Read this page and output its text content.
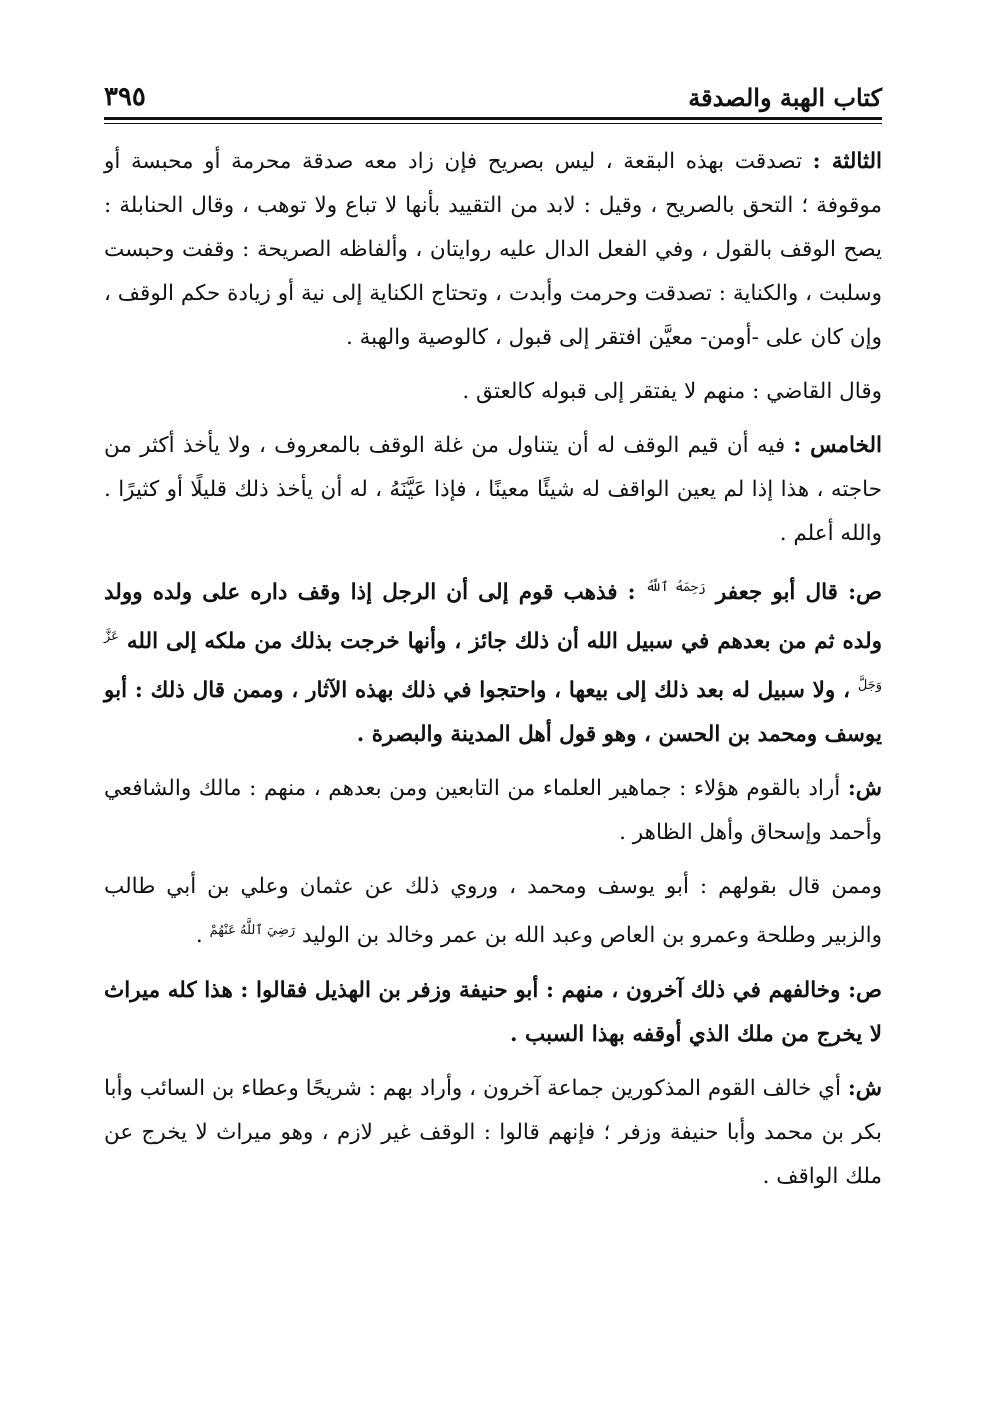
كتاب الهبة والصدقة
٣٩٥

الثالثة : تصدقت بهذه البقعة ، ليس بصريح فإن زاد معه صدقة محرمة أو محبسة أو موقوفة ؛ التحق بالصريح ، وقيل : لابد من التقييد بأنها لا تباع ولا توهب ، وقال الحنابلة : يصح الوقف بالقول ، وفي الفعل الدال عليه روايتان ، وألفاظه الصريحة : وقفت وحبست وسلبت ، والكناية : تصدقت وحرمت وأبدت ، وتحتاج الكناية إلى نية أو زيادة حكم الوقف ، وإن كان على -أومن- معيَّن افتقر إلى قبول ، كالوصية والهبة .

وقال القاضي : منهم لا يفتقر إلى قبوله كالعتق .

الخامس : فيه أن قيم الوقف له أن يتناول من غلة الوقف بالمعروف ، ولا يأخذ أكثر من حاجته ، هذا إذا لم يعين الواقف له شيئًا معينًا ، فإذا عَيَّنَهُ ، له أن يأخذ ذلك قليلًا أو كثيرًا . والله أعلم .

ص: قال أبو جعفر $^{رَحِمَهُ ٱللَّهُ}$ : فذهب قوم إلى أن الرجل إذا وقف داره على ولده وولد ولده ثم من بعدهم في سبيل الله أن ذلك جائز ، وأنها خرجت بذلك من ملكه إلى الله $^{عَزَّ وَجَلَّ}$ ، ولا سبيل له بعد ذلك إلى بيعها ، واحتجوا في ذلك بهذه الآثار ، وممن قال ذلك : أبو يوسف ومحمد بن الحسن ، وهو قول أهل المدينة والبصرة .

ش: أراد بالقوم هؤلاء : جماهير العلماء من التابعين ومن بعدهم ، منهم : مالك والشافعي وأحمد وإسحاق وأهل الظاهر .

وممن قال بقولهم : أبو يوسف ومحمد ، وروي ذلك عن عثمان وعلي بن أبي طالب والزبير وطلحة وعمرو بن العاص وعبد الله بن عمر وخالد بن الوليد $^{رَضِيَ ٱللَّهُ عَنْهُمْ}$ .

ص: وخالفهم في ذلك آخرون ، منهم : أبو حنيفة وزفر بن الهذيل فقالوا : هذا كله ميراث لا يخرج من ملك الذي أوقفه بهذا السبب .

ش: أي خالف القوم المذكورين جماعة آخرون ، وأراد بهم : شريحًا وعطاء بن السائب وأبا بكر بن محمد وأبا حنيفة وزفر ؛ فإنهم قالوا : الوقف غير لازم ، وهو ميراث لا يخرج عن ملك الواقف .
